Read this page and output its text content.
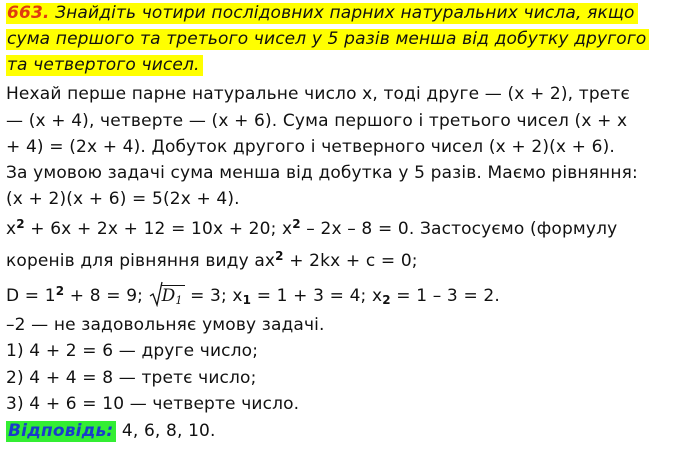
663. Знайдіть чотири послідовних парних натуральних числа, якщо
сума першого та третього чисел у 5 разів менша від добутку другого
та четвертого чисел.
Нехай перше парне натуральне число x, тоді друге — (x + 2), третє
— (x + 4), четверте — (x + 6). Сума першого і третього чисел (x + x
+ 4) = (2x + 4). Добуток другого і четверного чисел (x + 2)(x + 6).
За умовою задачі сума менша від добутка у 5 разів. Маємо рівняння:
(x + 2)(x + 6) = 5(2x + 4).
$x^2 + 6x + 2x + 12 = 10x + 20$; $x^2 - 2x - 8 = 0$. Застосуємо (формулу
коренів для рівняння виду $ax^2 + 2kx + c = 0$;
$D = 1^2 + 8 = 9$;
$D_1 = 3$; $x_1 = 1 + 3 = 4$; $x_2 = 1 - 3 = 2$.
–2 — не задовольняє умову задачі.
1) 4 + 2 = 6 — друге число;
2) 4 + 4 = 8 — третє число;
3) 4 + 6 = 10 — четверте число.
Відповідь: 4, 6, 8, 10.
